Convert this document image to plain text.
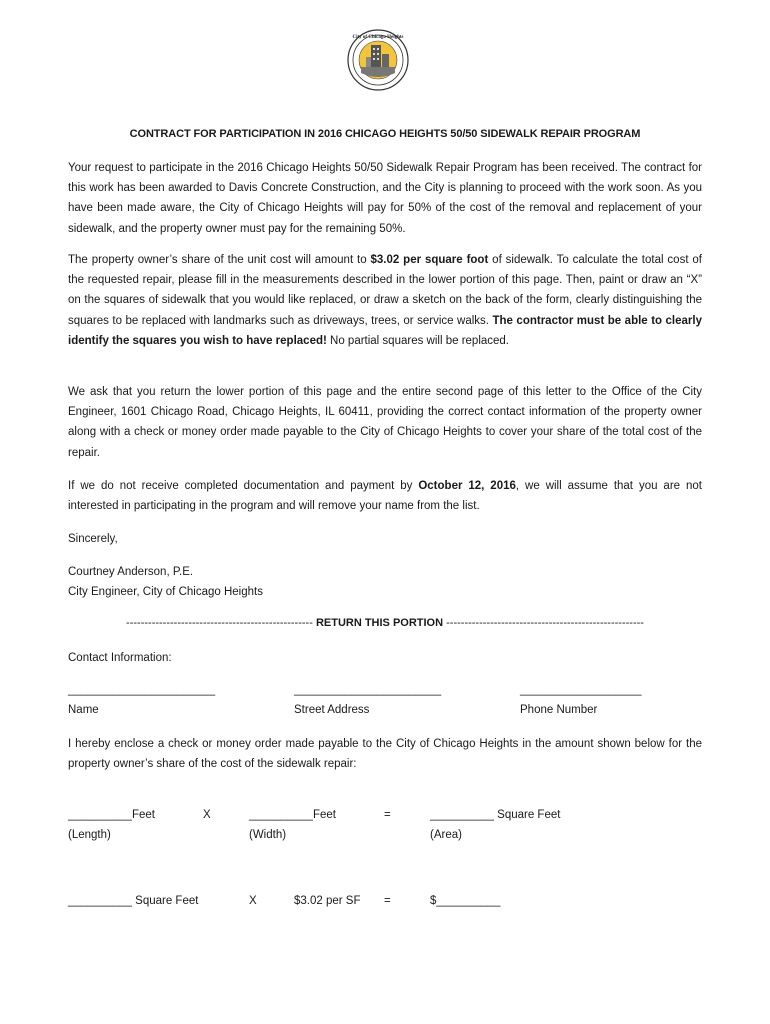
City of Chicago Heights
CONTRACT FOR PARTICIPATION IN 2016 CHICAGO HEIGHTS 50/50 SIDEWALK REPAIR PROGRAM
Your request to participate in the 2016 Chicago Heights 50/50 Sidewalk Repair Program has been received. The contract for this work has been awarded to Davis Concrete Construction, and the City is planning to proceed with the work soon. As you have been made aware, the City of Chicago Heights will pay for 50% of the cost of the removal and replacement of your sidewalk, and the property owner must pay for the remaining 50%.
The property owner’s share of the unit cost will amount to $3.02 per square foot of sidewalk. To calculate the total cost of the requested repair, please fill in the measurements described in the lower portion of this page. Then, paint or draw an “X” on the squares of sidewalk that you would like replaced, or draw a sketch on the back of the form, clearly distinguishing the squares to be replaced with landmarks such as driveways, trees, or service walks. The contractor must be able to clearly identify the squares you wish to have replaced! No partial squares will be replaced.
We ask that you return the lower portion of this page and the entire second page of this letter to the Office of the City Engineer, 1601 Chicago Road, Chicago Heights, IL 60411, providing the correct contact information of the property owner along with a check or money order made payable to the City of Chicago Heights to cover your share of the total cost of the repair.
If we do not receive completed documentation and payment by October 12, 2016, we will assume that you are not interested in participating in the program and will remove your name from the list.
Sincerely,
Courtney Anderson, P.E.
City Engineer, City of Chicago Heights
--------------------------------------------------- RETURN THIS PORTION ------------------------------------------------------
Contact Information:
_______________________	_______________________	___________________
Name	Street Address	Phone Number
I hereby enclose a check or money order made payable to the City of Chicago Heights in the amount shown below for the property owner’s share of the cost of the sidewalk repair:
__________Feet	X	__________Feet	=	__________ Square Feet
(Length)	(Width)	(Area)
__________ Square Feet	X	$3.02 per SF =	$__________
